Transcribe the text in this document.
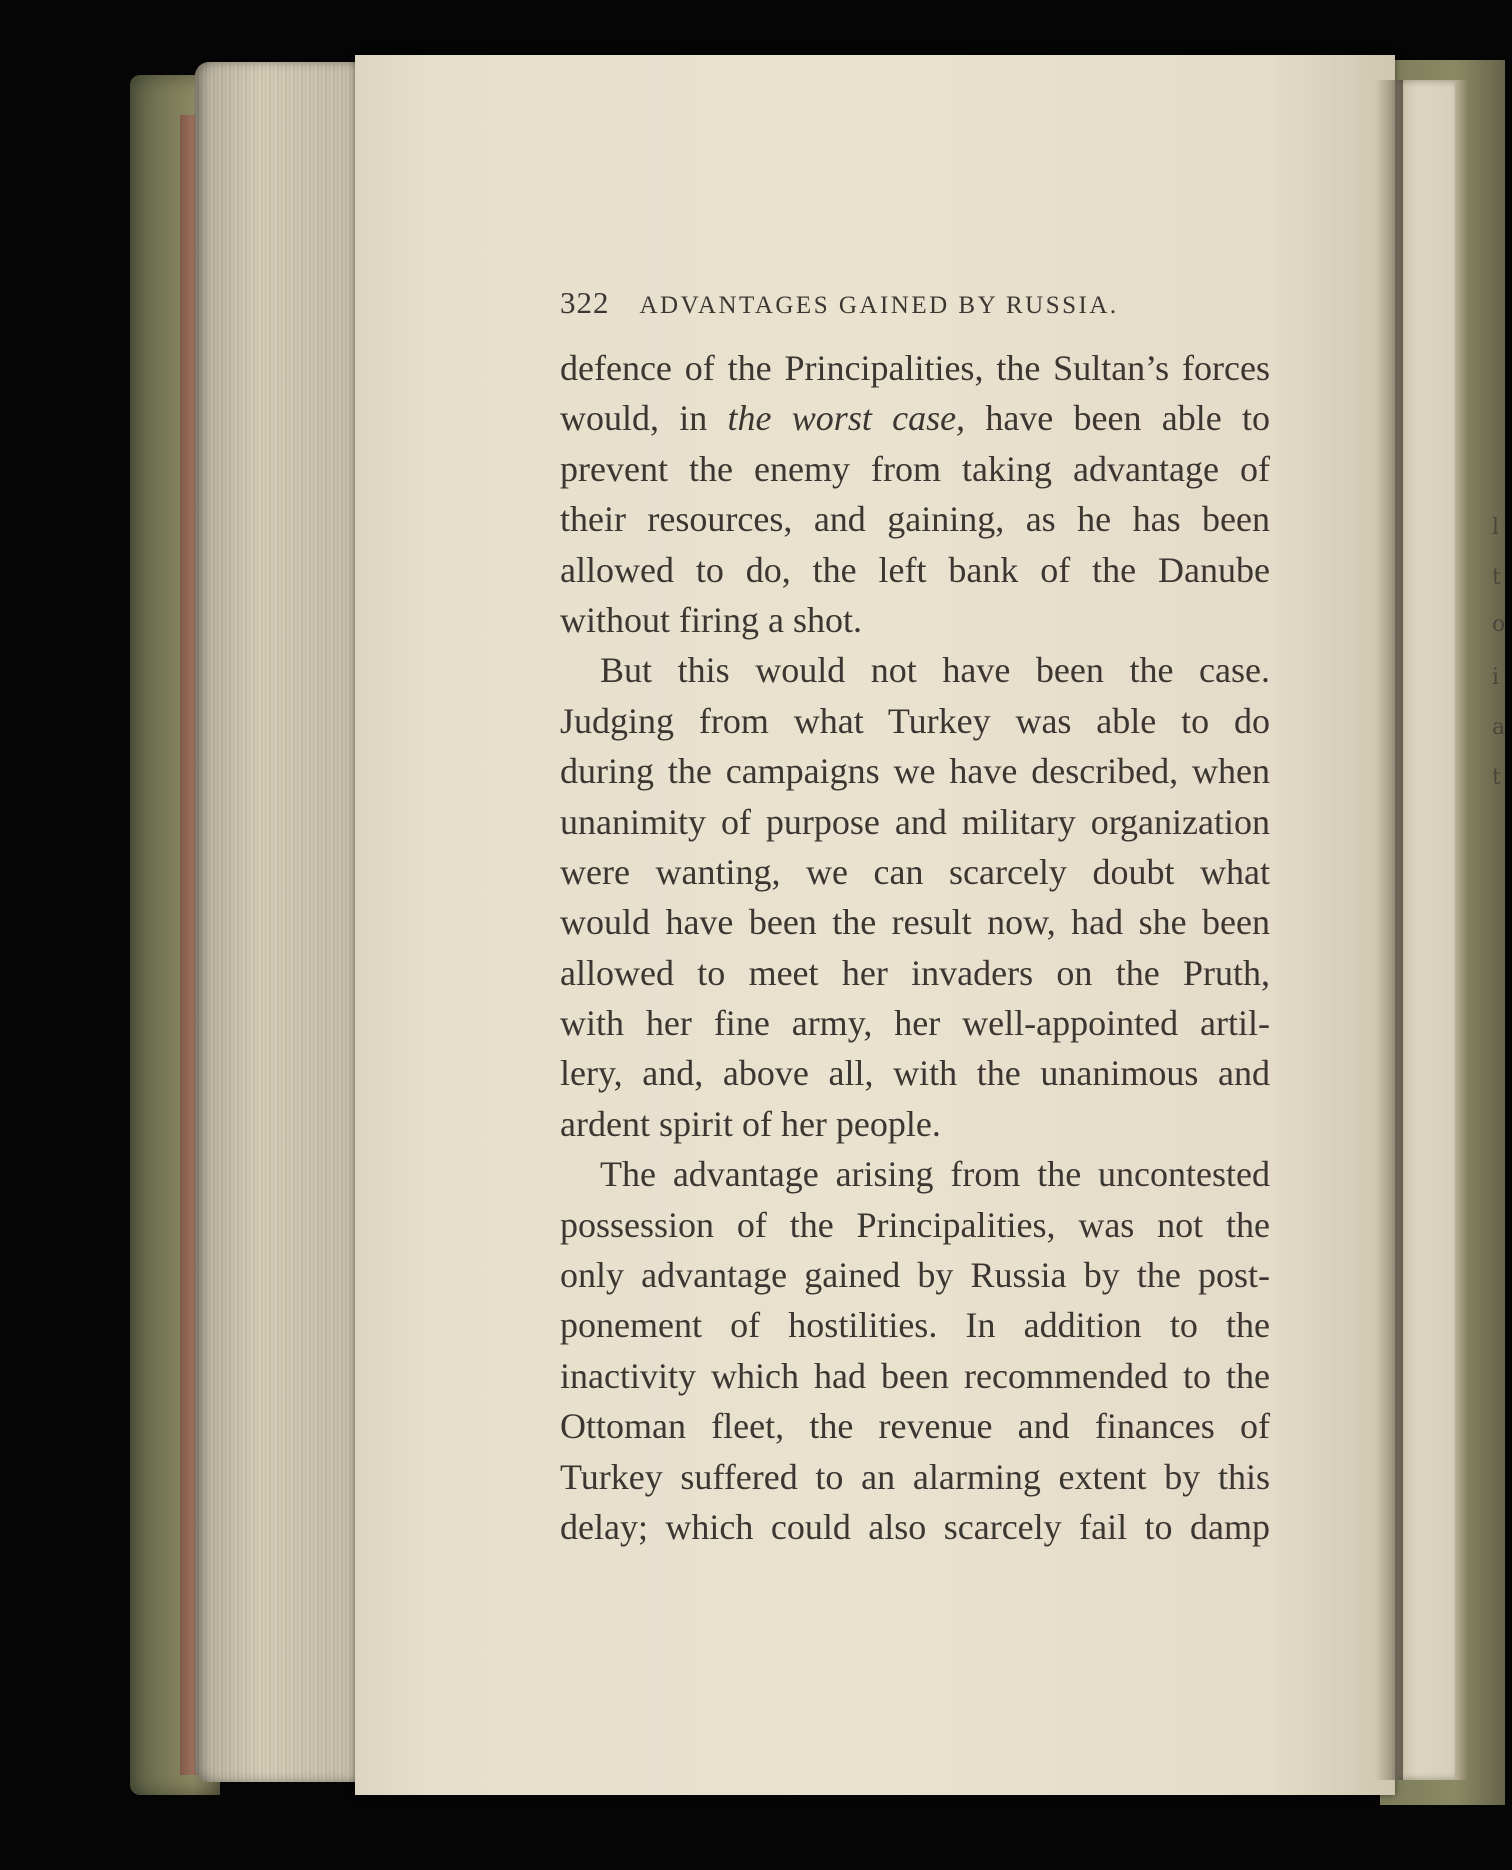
l
t
o
i
a
t
322 ADVANTAGES GAINED BY RUSSIA.
defence of the Principalities, the Sultan’s forces
would, in the worst case, have been able to
prevent the enemy from taking advantage of
their resources, and gaining, as he has been
allowed to do, the left bank of the Danube
without firing a shot.
But this would not have been the case.
Judging from what Turkey was able to do
during the campaigns we have described, when
unanimity of purpose and military organization
were wanting, we can scarcely doubt what
would have been the result now, had she been
allowed to meet her invaders on the Pruth,
with her fine army, her well-appointed artil-
lery, and, above all, with the unanimous and
ardent spirit of her people.
The advantage arising from the uncontested
possession of the Principalities, was not the
only advantage gained by Russia by the post-
ponement of hostilities. In addition to the
inactivity which had been recommended to the
Ottoman fleet, the revenue and finances of
Turkey suffered to an alarming extent by this
delay; which could also scarcely fail to damp
